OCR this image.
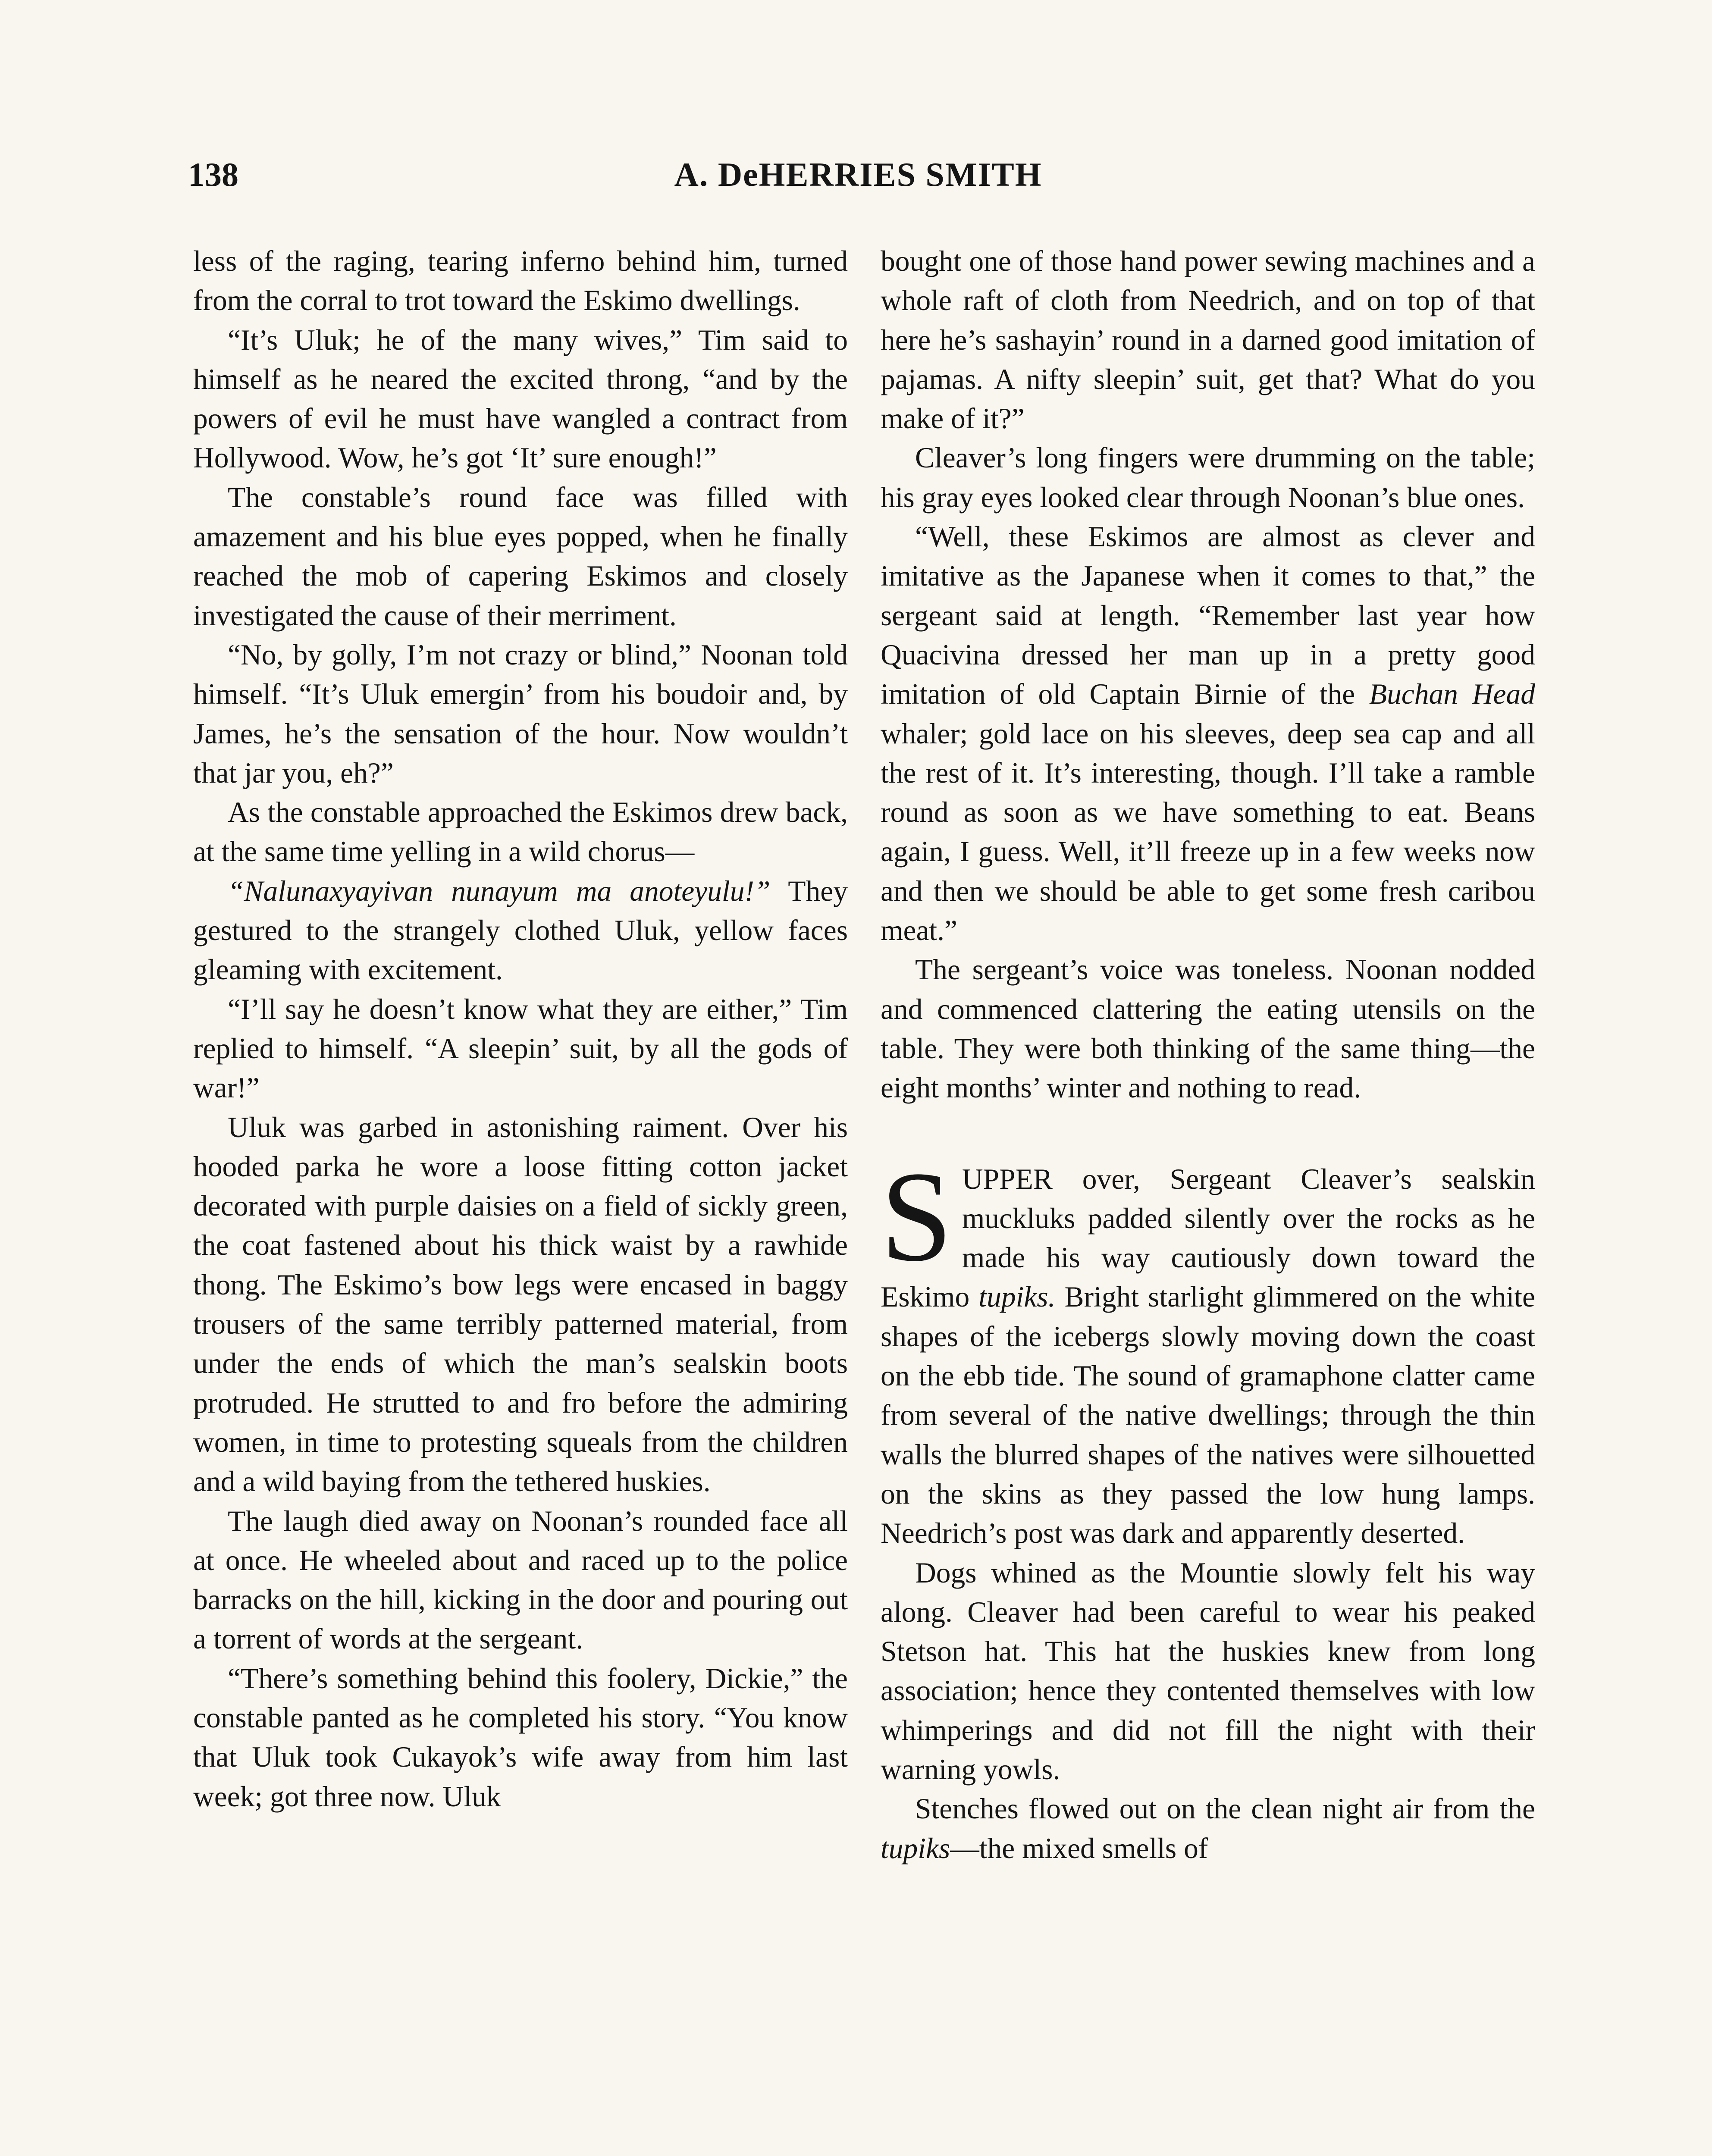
138	A. DeHERRIES SMITH

less of the raging, tearing inferno behind him, turned from the corral to trot toward the Eskimo dwellings.

“It’s Uluk; he of the many wives,” Tim said to himself as he neared the excited throng, “and by the powers of evil he must have wangled a contract from Hollywood. Wow, he’s got ‘It’ sure enough!”

The constable’s round face was filled with amazement and his blue eyes popped, when he finally reached the mob of capering Eskimos and closely investigated the cause of their merriment.

“No, by golly, I’m not crazy or blind,” Noonan told himself. “It’s Uluk emergin’ from his boudoir and, by James, he’s the sensation of the hour. Now wouldn’t that jar you, eh?”

As the constable approached the Eskimos drew back, at the same time yelling in a wild chorus—

“Nalunaxyayivan nunayum ma anoteyulu!” They gestured to the strangely clothed Uluk, yellow faces gleaming with excitement.

“I’ll say he doesn’t know what they are either,” Tim replied to himself. “A sleepin’ suit, by all the gods of war!”

Uluk was garbed in astonishing raiment. Over his hooded parka he wore a loose fitting cotton jacket decorated with purple daisies on a field of sickly green, the coat fastened about his thick waist by a rawhide thong. The Eskimo’s bow legs were encased in baggy trousers of the same terribly patterned material, from under the ends of which the man’s sealskin boots protruded. He strutted to and fro before the admiring women, in time to protesting squeals from the children and a wild baying from the tethered huskies.

The laugh died away on Noonan’s rounded face all at once. He wheeled about and raced up to the police barracks on the hill, kicking in the door and pouring out a torrent of words at the sergeant.

“There’s something behind this foolery, Dickie,” the constable panted as he completed his story. “You know that Uluk took Cukayok’s wife away from him last week; got three now. Uluk

bought one of those hand power sewing machines and a whole raft of cloth from Needrich, and on top of that here he’s sashayin’ round in a darned good imitation of pajamas. A nifty sleepin’ suit, get that? What do you make of it?”

Cleaver’s long fingers were drumming on the table; his gray eyes looked clear through Noonan’s blue ones.

“Well, these Eskimos are almost as clever and imitative as the Japanese when it comes to that,” the sergeant said at length. “Remember last year how Quacivina dressed her man up in a pretty good imitation of old Captain Birnie of the Buchan Head whaler; gold lace on his sleeves, deep sea cap and all the rest of it. It’s interesting, though. I’ll take a ramble round as soon as we have something to eat. Beans again, I guess. Well, it’ll freeze up in a few weeks now and then we should be able to get some fresh caribou meat.”

The sergeant’s voice was toneless. Noonan nodded and commenced clattering the eating utensils on the table. They were both thinking of the same thing—the eight months’ winter and nothing to read.

SUPPER over, Sergeant Cleaver’s sealskin muckluks padded silently over the rocks as he made his way cautiously down toward the Eskimo tupiks. Bright starlight glimmered on the white shapes of the icebergs slowly moving down the coast on the ebb tide. The sound of gramaphone clatter came from several of the native dwellings; through the thin walls the blurred shapes of the natives were silhouetted on the skins as they passed the low hung lamps. Needrich’s post was dark and apparently deserted.

Dogs whined as the Mountie slowly felt his way along. Cleaver had been careful to wear his peaked Stetson hat. This hat the huskies knew from long association; hence they contented themselves with low whimperings and did not fill the night with their warning yowls.

Stenches flowed out on the clean night air from the tupiks—the mixed smells of
